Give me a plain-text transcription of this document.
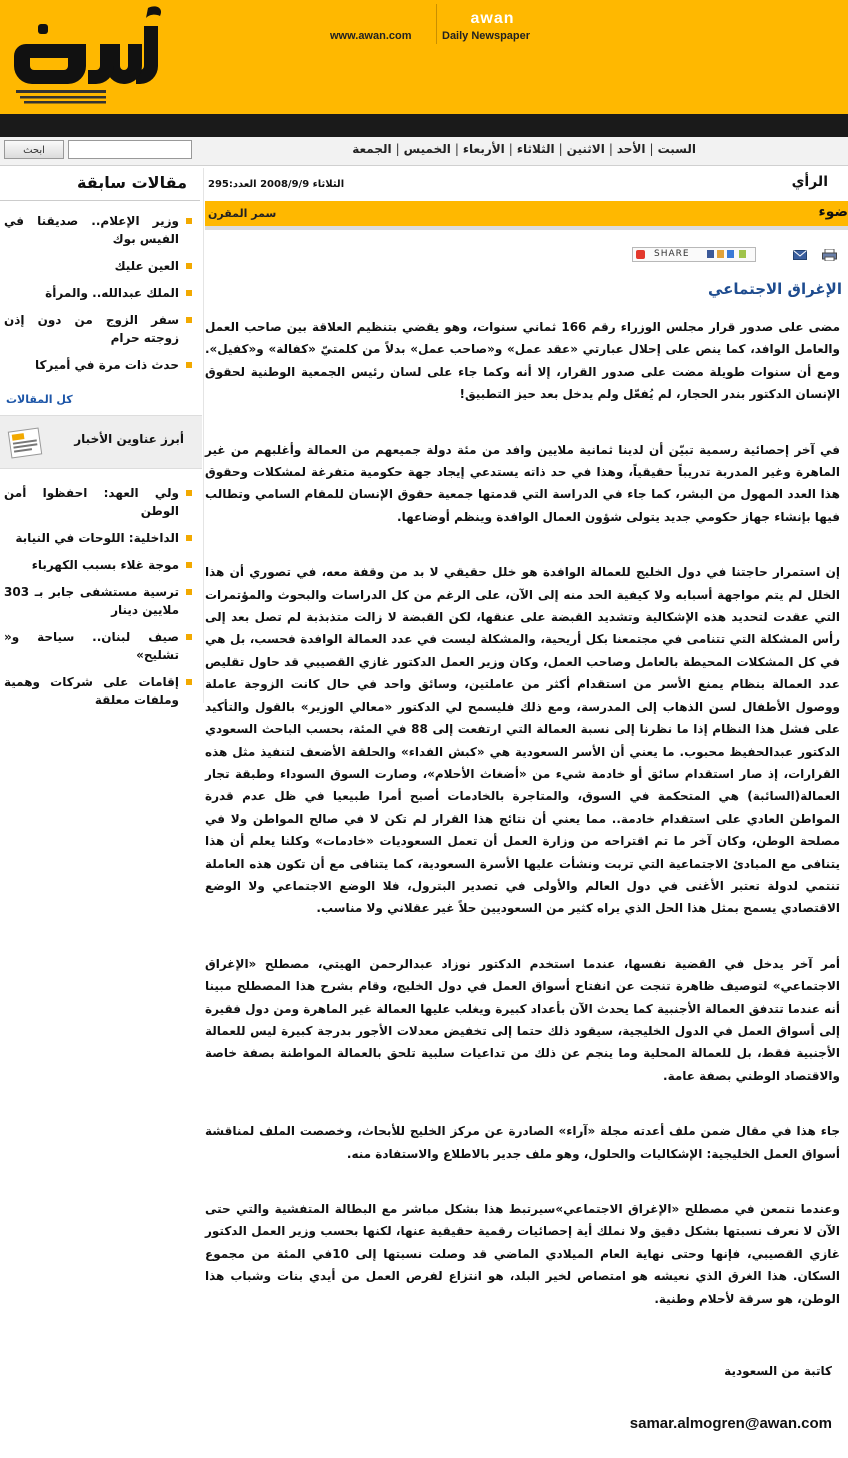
www.awan.com
awan
Daily Newspaper
ابحث	السبت|الأحد|الاثنين|الثلاثاء|الأربعاء|الخميس|الجمعة
مقالات سابقة
وزير الإعلام.. صديقنا في الفيس بوك
العين عليك
الملك عبدالله.. والمرأة
سفر الزوج من دون إذن زوجته حرام
حدث ذات مرة في أميركا
كل المقالات
أبرز عناوين الأخبار
ولي العهد: احفظوا أمن الوطن
الداخلية: اللوحات في النيابة
موجة غلاء بسبب الكهرباء
ترسية مستشفى جابر بـ 303 ملايين دينار
صيف لبنان.. سياحة و« تشليح»
إقامات على شركات وهمية وملفات معلقة
الرأي
الثلاثاء 2008/9/9 العدد:295
ضوء
سمر المقرن
SHARE
الإغراق الاجتماعي

مضى على صدور قرار مجلس الوزراء رقم 166 ثماني سنوات، وهو يقضي بتنظيم العلاقة بين صاحب العمل والعامل الوافد، كما ينص على إحلال عبارتي «عقد عمل» و«صاحب عمل» بدلاً من كلمتيّ «كفالة» و«كفيل». ومع أن سنوات طويلة مضت على صدور القرار، إلا أنه وكما جاء على لسان رئيس الجمعية الوطنية لحقوق الإنسان الدكتور بندر الحجار، لم يُفعّل ولم يدخل بعد حيز التطبيق!

في آخر إحصائية رسمية تبيّن أن لدينا ثمانية ملايين وافد من مئة دولة جميعهم من العمالة وأغلبهم من غير الماهرة وغير المدربة تدريباً حقيقياً، وهذا في حد ذاته يستدعي إيجاد جهة حكومية متفرغة لمشكلات وحقوق هذا العدد المهول من البشر، كما جاء في الدراسة التي قدمتها جمعية حقوق الإنسان للمقام السامي وتطالب فيها بإنشاء جهاز حكومي جديد يتولى شؤون العمال الوافدة وينظم أوضاعها.

إن استمرار حاجتنا في دول الخليج للعمالة الوافدة هو خلل حقيقي لا بد من وقفة معه، في تصوري أن هذا الخلل لم يتم مواجهة أسبابه ولا كيفية الحد منه إلى الآن، على الرغم من كل الدراسات والبحوث والمؤتمرات التي عقدت لتحديد هذه الإشكالية وتشديد القبضة على عنقها، لكن القبضة لا زالت متذبذبة لم تصل بعد إلى رأس المشكلة التي تتنامى في مجتمعنا بكل أريحية، والمشكلة ليست في عدد العمالة الوافدة فحسب، بل هي في كل المشكلات المحيطة بالعامل وصاحب العمل، وكان وزير العمل الدكتور غازي القصيبي قد حاول تقليص عدد العمالة بنظام يمنع الأسر من استقدام أكثر من عاملتين، وسائق واحد في حال كانت الزوجة عاملة ووصول الأطفال لسن الذهاب إلى المدرسة، ومع ذلك فليسمح لي الدكتور «معالي الوزير» بالقول والتأكيد على فشل هذا النظام إذا ما نظرنا إلى نسبة العمالة التي ارتفعت إلى 88 في المئة، بحسب الباحث السعودي الدكتور عبدالحفيظ محبوب. ما يعني أن الأسر السعودية هي «كبش الفداء» والحلقة الأضعف لتنفيذ مثل هذه القرارات، إذ صار استقدام سائق أو خادمة شيء من «أضغاث الأحلام»، وصارت السوق السوداء وطبقة تجار العمالة(السائبة) هي المتحكمة في السوق، والمتاجرة بالخادمات أصبح أمرا طبيعيا في ظل عدم قدرة المواطن العادي على استقدام خادمة.. مما يعني أن نتائج هذا القرار لم تكن لا في صالح المواطن ولا في مصلحة الوطن، وكان آخر ما تم اقتراحه من وزارة العمل أن تعمل السعوديات «خادمات» وكلنا يعلم أن هذا يتنافى مع المبادئ الاجتماعية التي تربت ونشأت عليها الأسرة السعودية، كما يتنافى مع أن تكون هذه العاملة تنتمي لدولة تعتبر الأغنى في دول العالم والأولى في تصدير البترول، فلا الوضع الاجتماعي ولا الوضع الاقتصادي يسمح بمثل هذا الحل الذي يراه كثير من السعوديين حلاً غير عقلاني ولا مناسب.

أمر آخر يدخل في القضية نفسها، عندما استخدم الدكتور نوزاد عبدالرحمن الهيتي، مصطلح «الإغراق الاجتماعي» لتوصيف ظاهرة تنجت عن انفتاح أسواق العمل في دول الخليج، وقام بشرح هذا المصطلح مبينا أنه عندما تتدفق العمالة الأجنبية كما يحدث الآن بأعداد كبيرة ويغلب عليها العمالة غير الماهرة ومن دول فقيرة إلى أسواق العمل في الدول الخليجية، سيقود ذلك حتما إلى تخفيض معدلات الأجور بدرجة كبيرة ليس للعمالة الأجنبية فقط، بل للعمالة المحلية وما ينجم عن ذلك من تداعيات سلبية تلحق بالعمالة المواطنة بصفة خاصة والاقتصاد الوطني بصفة عامة.

جاء هذا في مقال ضمن ملف أعدته مجلة «آراء» الصادرة عن مركز الخليج للأبحاث، وخصصت الملف لمناقشة أسواق العمل الخليجية: الإشكاليات والحلول، وهو ملف جدير بالاطلاع والاستفادة منه.

وعندما نتمعن في مصطلح «الإغراق الاجتماعي»سيرتبط هذا بشكل مباشر مع البطالة المتفشية والتي حتى الآن لا نعرف نسبتها بشكل دقيق ولا نملك أية إحصائيات رقمية حقيقية عنها، لكنها بحسب وزير العمل الدكتور غازي القصيبي، فإنها وحتى نهاية العام الميلادي الماضي قد وصلت نسبتها إلى 10في المئة من مجموع السكان. هذا الغرق الذي نعيشه هو امتصاص لخير البلد، هو انتزاع لفرص العمل من أيدي بنات وشباب هذا الوطن، هو سرقة لأحلام وطنية.

كاتبة من السعودية
samar.almogren@awan.com
